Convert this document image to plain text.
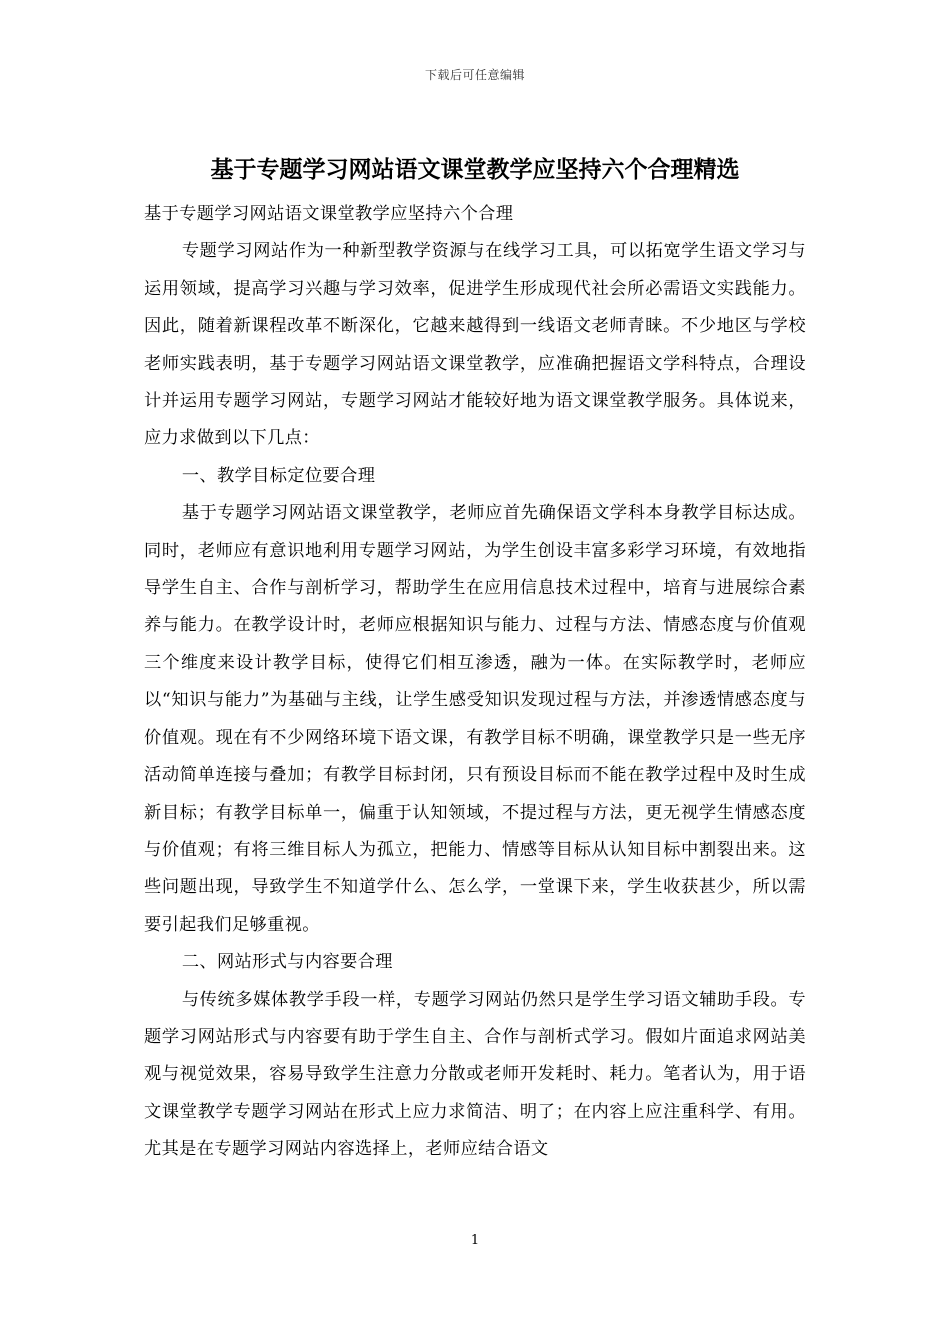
下载后可任意编辑
基于专题学习网站语文课堂教学应坚持六个合理精选

基于专题学习网站语文课堂教学应坚持六个合理

专题学习网站作为一种新型教学资源与在线学习工具，可以拓宽学生语文学习与运用领域，提高学习兴趣与学习效率，促进学生形成现代社会所必需语文实践能力。因此，随着新课程改革不断深化，它越来越得到一线语文老师青睐。不少地区与学校老师实践表明，基于专题学习网站语文课堂教学，应准确把握语文学科特点，合理设计并运用专题学习网站，专题学习网站才能较好地为语文课堂教学服务。具体说来，应力求做到以下几点：

一、教学目标定位要合理

基于专题学习网站语文课堂教学，老师应首先确保语文学科本身教学目标达成。同时，老师应有意识地利用专题学习网站，为学生创设丰富多彩学习环境，有效地指导学生自主、合作与剖析学习，帮助学生在应用信息技术过程中，培育与进展综合素养与能力。在教学设计时，老师应根据知识与能力、过程与方法、情感态度与价值观三个维度来设计教学目标，使得它们相互渗透，融为一体。在实际教学时，老师应以“知识与能力”为基础与主线，让学生感受知识发现过程与方法，并渗透情感态度与价值观。现在有不少网络环境下语文课，有教学目标不明确，课堂教学只是一些无序活动简单连接与叠加；有教学目标封闭，只有预设目标而不能在教学过程中及时生成新目标；有教学目标单一，偏重于认知领域，不提过程与方法，更无视学生情感态度与价值观；有将三维目标人为孤立，把能力、情感等目标从认知目标中割裂出来。这些问题出现，导致学生不知道学什么、怎么学，一堂课下来，学生收获甚少，所以需要引起我们足够重视。

二、网站形式与内容要合理

与传统多媒体教学手段一样，专题学习网站仍然只是学生学习语文辅助手段。专题学习网站形式与内容要有助于学生自主、合作与剖析式学习。假如片面追求网站美观与视觉效果，容易导致学生注意力分散或老师开发耗时、耗力。笔者认为，用于语文课堂教学专题学习网站在形式上应力求简洁、明了；在内容上应注重科学、有用。尤其是在专题学习网站内容选择上，老师应结合语文

1
